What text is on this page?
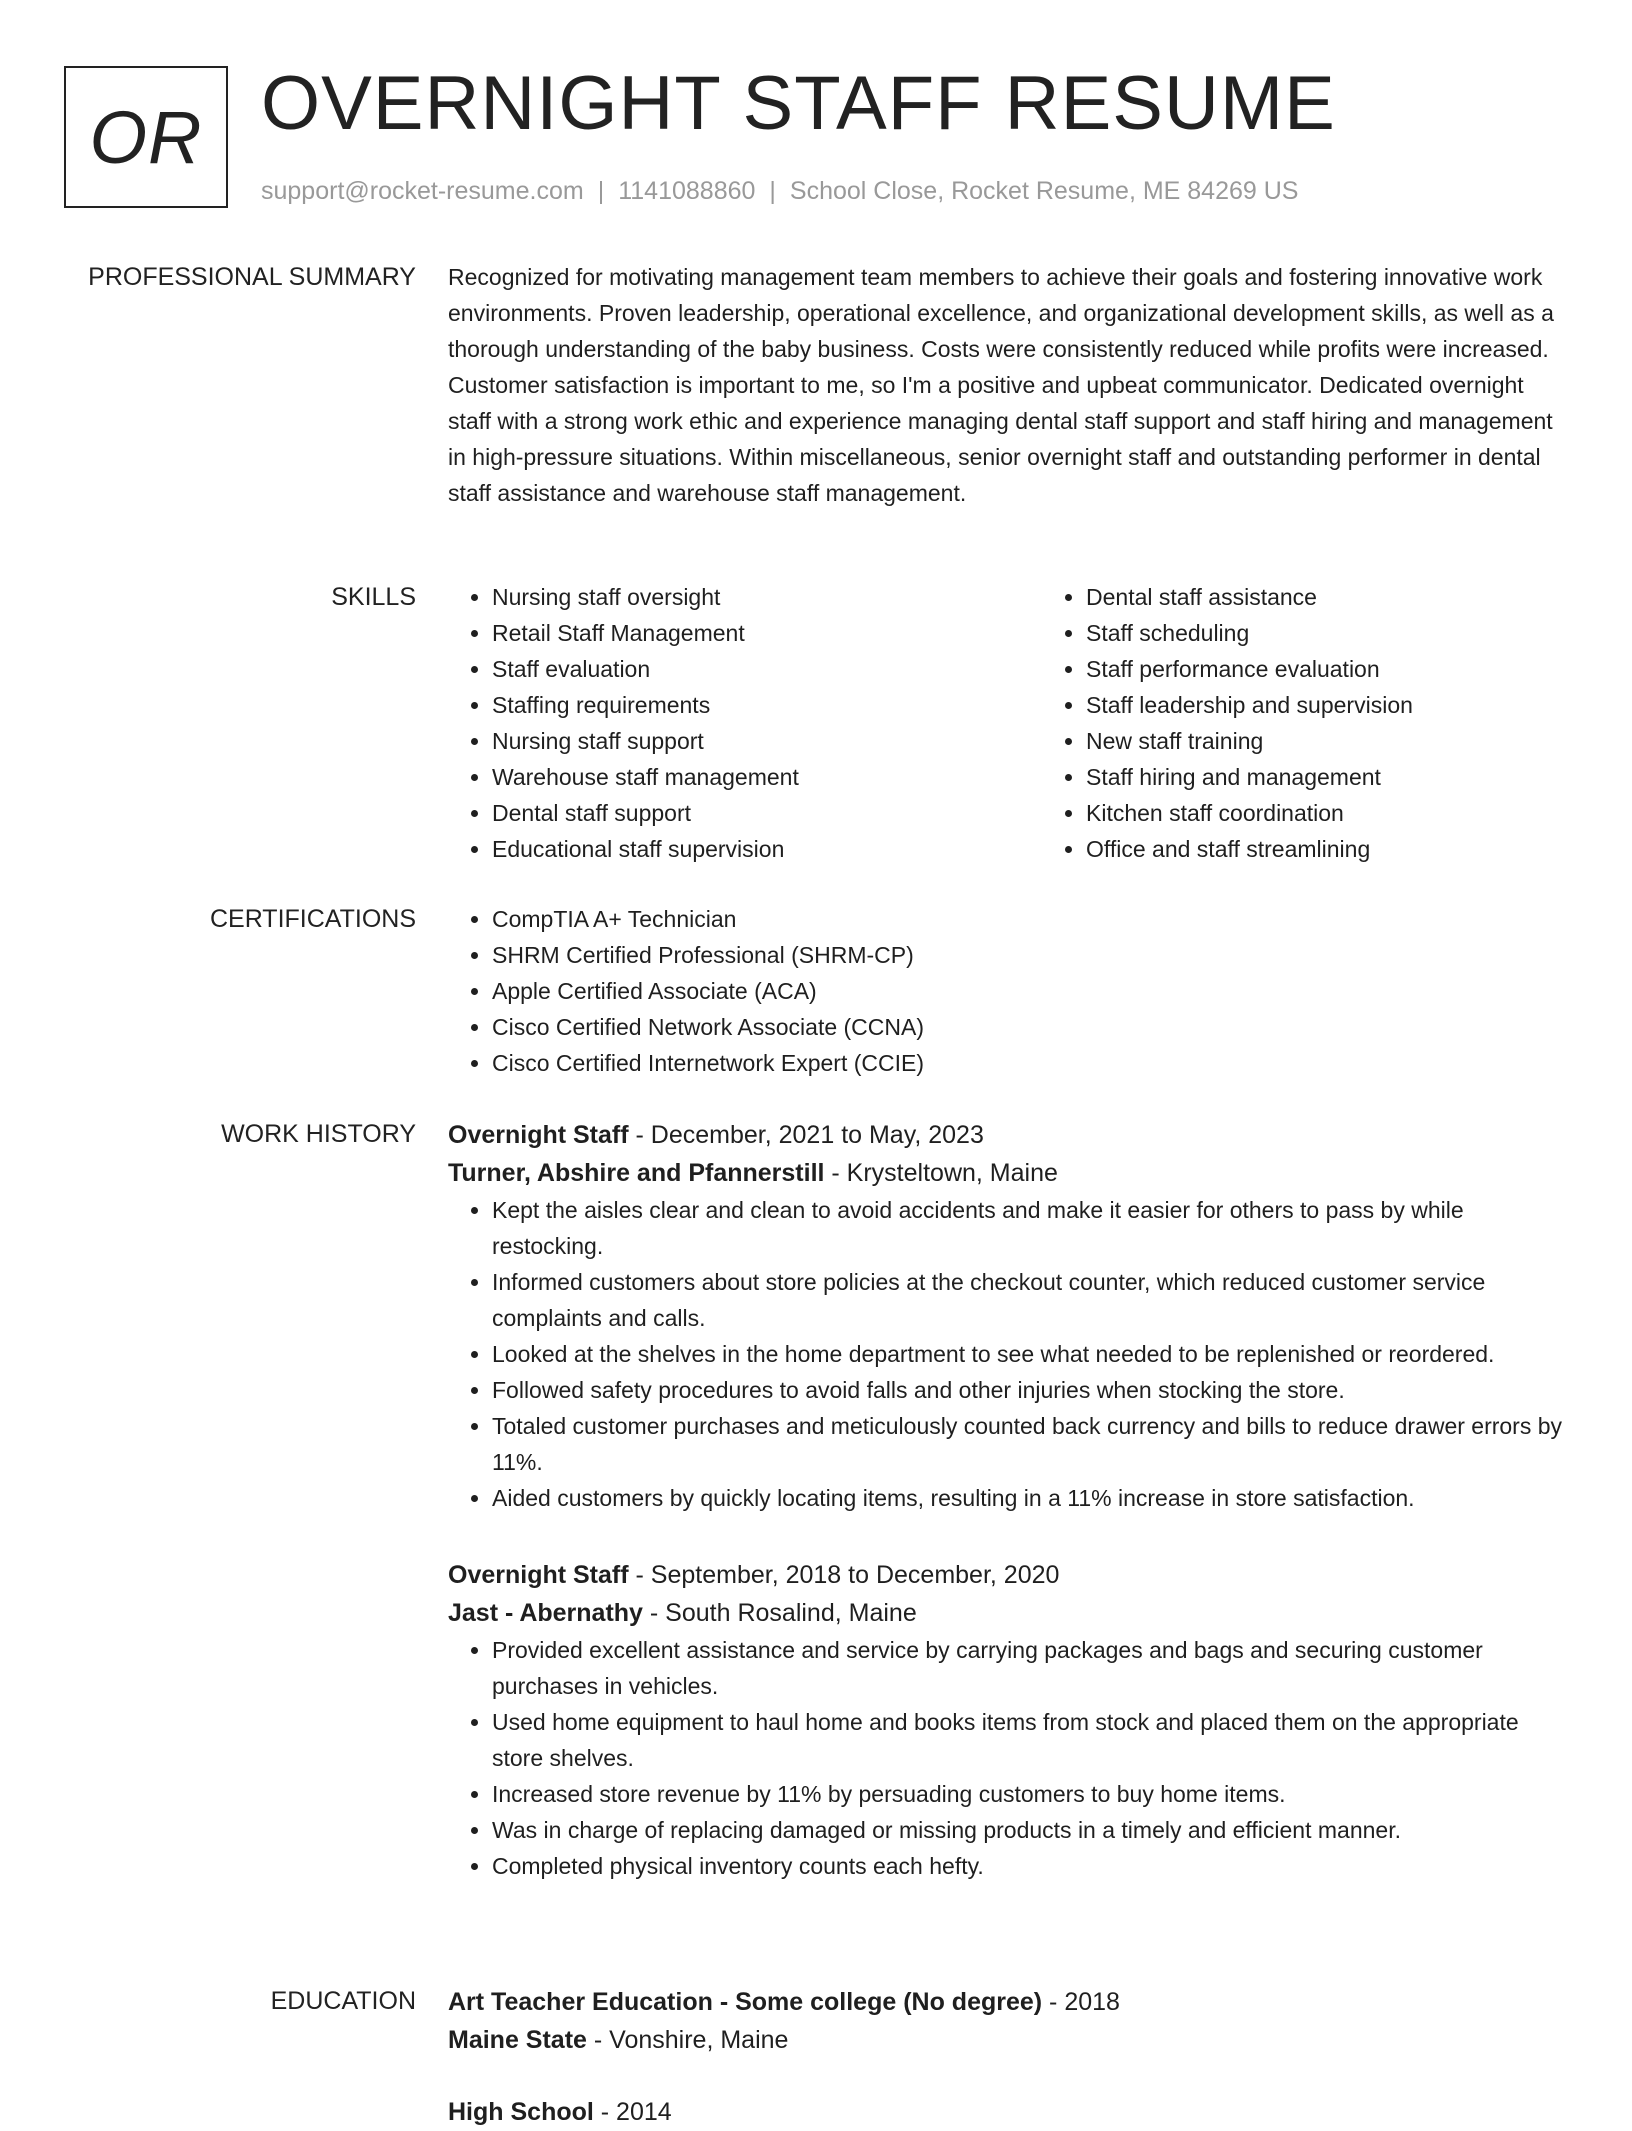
OR OVERNIGHT STAFF RESUME
support@rocket-resume.com | 1141088860 | School Close, Rocket Resume, ME 84269 US
PROFESSIONAL SUMMARY Recognized for motivating management team members to achieve their goals and fostering innovative work environments. Proven leadership, operational excellence, and organizational development skills, as well as a thorough understanding of the baby business. Costs were consistently reduced while profits were increased. Customer satisfaction is important to me, so I'm a positive and upbeat communicator. Dedicated overnight staff with a strong work ethic and experience managing dental staff support and staff hiring and management in high-pressure situations. Within miscellaneous, senior overnight staff and outstanding performer in dental staff assistance and warehouse staff management.

SKILLS	• Nursing staff oversight
• Retail Staff Management
• Staff evaluation
• Staffing requirements
• Nursing staff support
• Warehouse staff management
• Dental staff support
• Educational staff supervision
• Dental staff assistance
• Staff scheduling
• Staff performance evaluation
• Staff leadership and supervision
• New staff training
• Staff hiring and management
• Kitchen staff coordination
• Office and staff streamlining
CERTIFICATIONS	• CompTIA A+ Technician
• SHRM Certified Professional (SHRM-CP)
• Apple Certified Associate (ACA)
• Cisco Certified Network Associate (CCNA)
• Cisco Certified Internetwork Expert (CCIE)
WORK HISTORY Overnight Staff - December, 2021 to May, 2023
Turner, Abshire and Pfannerstill - Krysteltown, Maine
• Kept the aisles clear and clean to avoid accidents and make it easier for others to pass by while restocking.
• Informed customers about store policies at the checkout counter, which reduced customer service complaints and calls.
• Looked at the shelves in the home department to see what needed to be replenished or reordered.
• Followed safety procedures to avoid falls and other injuries when stocking the store.
• Totaled customer purchases and meticulously counted back currency and bills to reduce drawer errors by 11%.
• Aided customers by quickly locating items, resulting in a 11% increase in store satisfaction.
Overnight Staff - September, 2018 to December, 2020
Jast - Abernathy - South Rosalind, Maine
• Provided excellent assistance and service by carrying packages and bags and securing customer purchases in vehicles.
• Used home equipment to haul home and books items from stock and placed them on the appropriate store shelves.
• Increased store revenue by 11% by persuading customers to buy home items.
• Was in charge of replacing damaged or missing products in a timely and efficient manner.
• Completed physical inventory counts each hefty.
EDUCATION Art Teacher Education - Some college (No degree) - 2018
Maine State - Vonshire, Maine
High School - 2014
